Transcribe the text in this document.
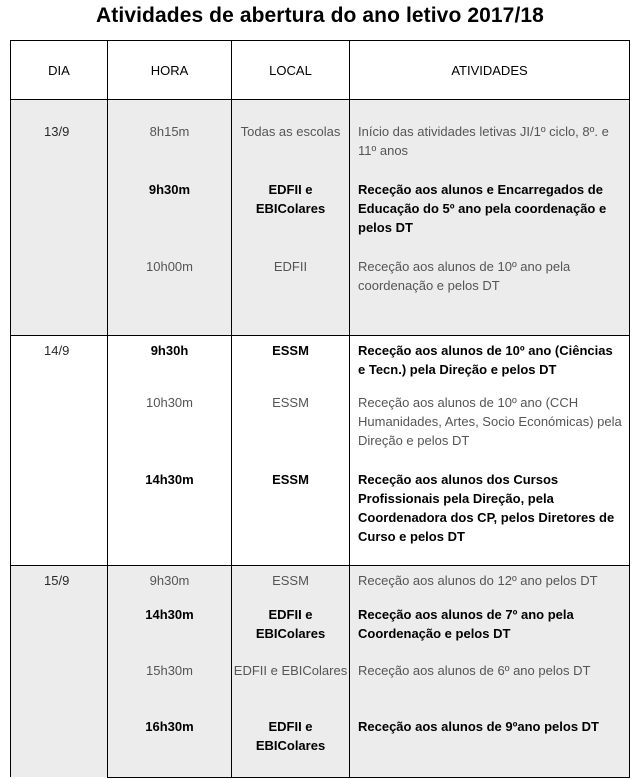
Atividades de abertura do ano letivo 2017/18
DIA	HORA	LOCAL	ATIVIDADES

13/9	8h15m	Todas as escolas	Início das atividades letivas JI/1º ciclo, 8º. e 11º anos

	9h30m	EDFII e EBIColares	Receção aos alunos e Encarregados de Educação do 5º ano pela coordenação e pelos DT

	10h00m	EDFII	Receção aos alunos de 10º ano pela coordenação e pelos DT

14/9	9h30h	ESSM	Receção aos alunos de 10º ano (Ciências e Tecn.) pela Direção e pelos DT

	10h30m	ESSM	Receção aos alunos de 10º ano (CCH Humanidades, Artes, Socio Económicas) pela Direção e pelos DT

	14h30m	ESSM	Receção aos alunos dos Cursos Profissionais pela Direção, pela Coordenadora dos CP, pelos Diretores de Curso e pelos DT

15/9	9h30m	ESSM	Receção aos alunos do 12º ano pelos DT

	14h30m	EDFII e EBIColares	Receção aos alunos de 7º ano pela Coordenação e pelos DT

	15h30m	EDFII e EBIColares	Receção aos alunos de 6º ano pelos DT

	16h30m	EDFII e EBIColares	Receção aos alunos de 9ºano pelos DT
